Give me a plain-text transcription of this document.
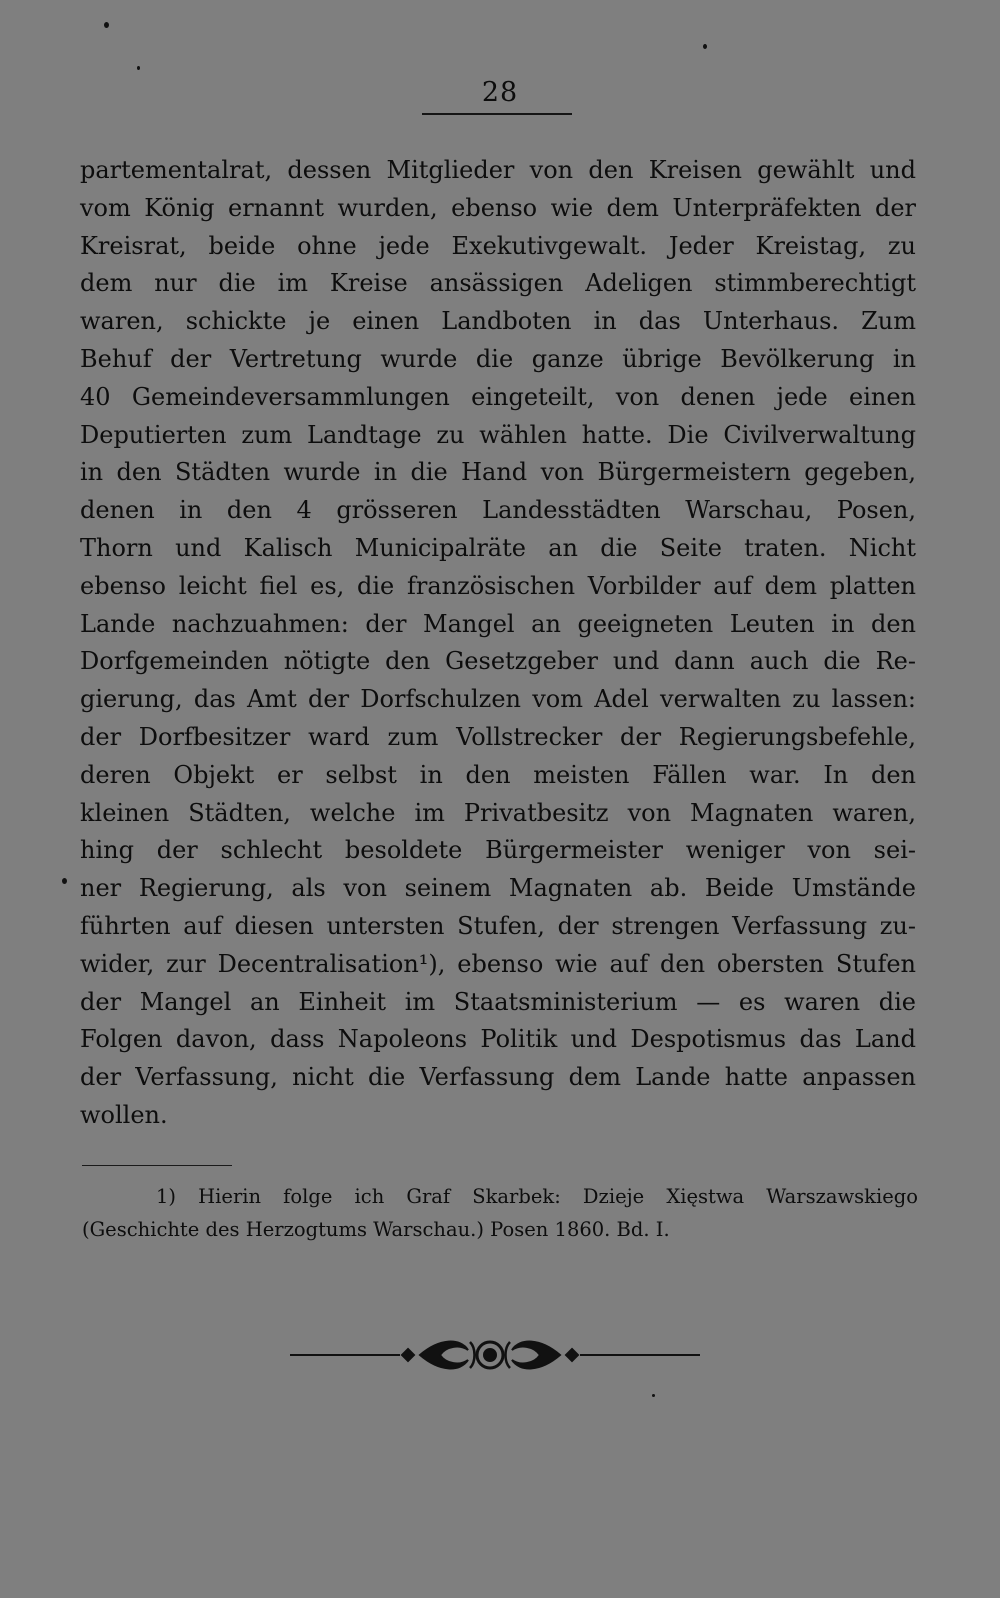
28
partementalrat, dessen Mitglieder von den Kreisen gewählt und
vom König ernannt wurden, ebenso wie dem Unterpräfekten der
Kreisrat, beide ohne jede Exekutivgewalt. Jeder Kreistag, zu
dem nur die im Kreise ansässigen Adeligen stimmberechtigt
waren, schickte je einen Landboten in das Unterhaus. Zum
Behuf der Vertretung wurde die ganze übrige Bevölkerung in
40 Gemeindeversammlungen eingeteilt, von denen jede einen
Deputierten zum Landtage zu wählen hatte. Die Civilverwaltung
in den Städten wurde in die Hand von Bürgermeistern gegeben,
denen in den 4 grösseren Landesstädten Warschau, Posen,
Thorn und Kalisch Municipalräte an die Seite traten. Nicht
ebenso leicht fiel es, die französischen Vorbilder auf dem platten
Lande nachzuahmen: der Mangel an geeigneten Leuten in den
Dorfgemeinden nötigte den Gesetzgeber und dann auch die Re-
gierung, das Amt der Dorfschulzen vom Adel verwalten zu lassen:
der Dorfbesitzer ward zum Vollstrecker der Regierungsbefehle,
deren Objekt er selbst in den meisten Fällen war. In den
kleinen Städten, welche im Privatbesitz von Magnaten waren,
hing der schlecht besoldete Bürgermeister weniger von sei-
ner Regierung, als von seinem Magnaten ab. Beide Umstände
führten auf diesen untersten Stufen, der strengen Verfassung zu-
wider, zur Decentralisation¹), ebenso wie auf den obersten Stufen
der Mangel an Einheit im Staatsministerium — es waren die
Folgen davon, dass Napoleons Politik und Despotismus das Land
der Verfassung, nicht die Verfassung dem Lande hatte anpassen
wollen.
1) Hierin folge ich Graf Skarbek: Dzieje Xięstwa Warszawskiego
(Geschichte des Herzogtums Warschau.) Posen 1860. Bd. I.
